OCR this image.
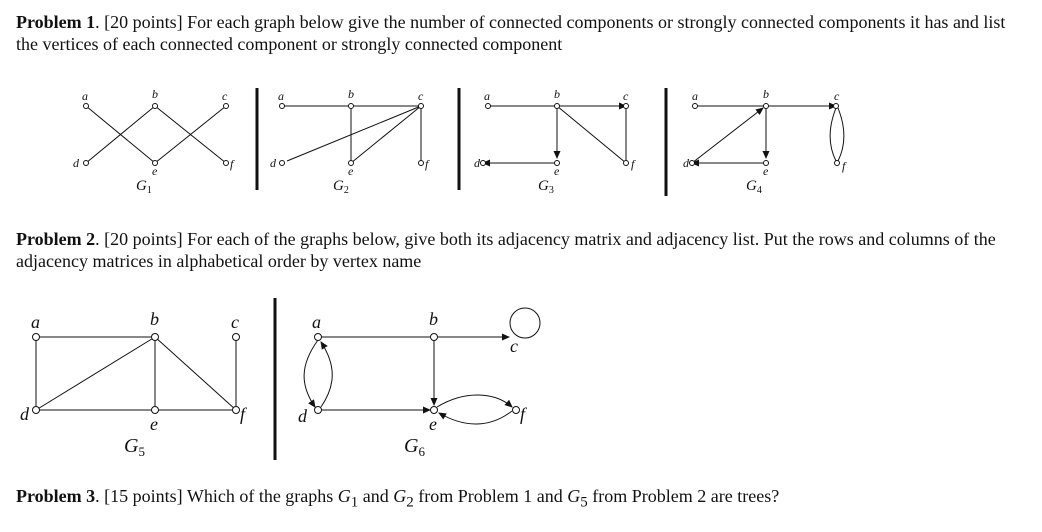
Problem 1. [20 points] For each graph below give the number of connected components or strongly connected components it has and list the vertices of each connected component or strongly connected component
Problem 2. [20 points] For each of the graphs below, give both its adjacency matrix and adjacency list. Put the rows and columns of the adjacency matrices in alphabetical order by vertex name
Problem 3. [15 points] Which of the graphs $G_1$ and $G_2$ from Problem 1 and $G_5$ from Problem 2 are trees?
a	b	c
d
e	f
a	b	c
d
e	f
a	b	c
d
e	f
a	b	c
d
e	f
$G_1$	$G_2$	$G_3$	$G_4$
a	b	c
d	e	f
a	b
c
d	e	f
$G_5$	$G_6$
